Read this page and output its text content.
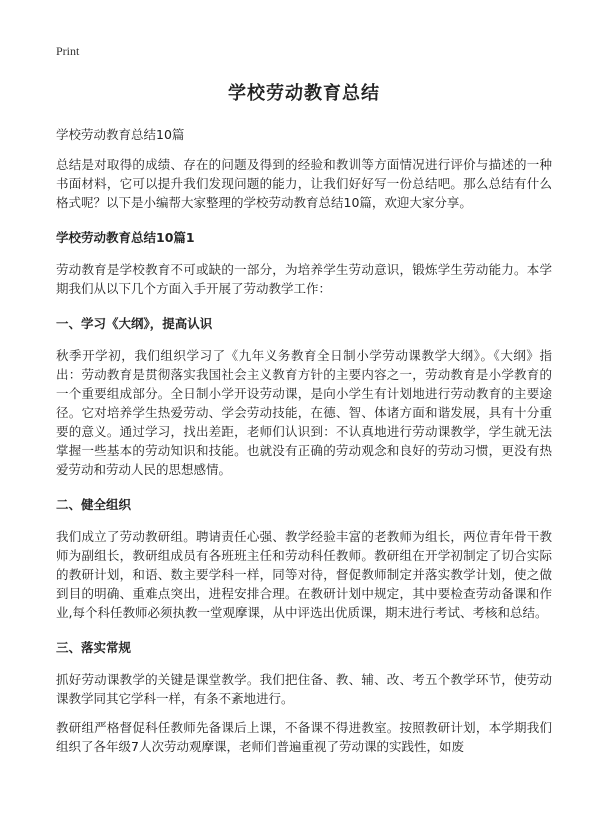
Print
学校劳动教育总结
学校劳动教育总结10篇

总结是对取得的成绩、存在的问题及得到的经验和教训等方面情况进行评价与描述的一种书面材料，它可以提升我们发现问题的能力，让我们好好写一份总结吧。那么总结有什么格式呢？以下是小编帮大家整理的学校劳动教育总结10篇，欢迎大家分享。

学校劳动教育总结10篇1

劳动教育是学校教育不可或缺的一部分，为培养学生劳动意识，锻炼学生劳动能力。本学期我们从以下几个方面入手开展了劳动教学工作：

一、学习《大纲》，提高认识

秋季开学初，我们组织学习了《九年义务教育全日制小学劳动课教学大纲》。《大纲》指出：劳动教育是贯彻落实我国社会主义教育方针的主要内容之一，劳动教育是小学教育的一个重要组成部分。全日制小学开设劳动课，是向小学生有计划地进行劳动教育的主要途径。它对培养学生热爱劳动、学会劳动技能，在德、智、体诸方面和谐发展，具有十分重要的意义。通过学习，找出差距，老师们认识到：不认真地进行劳动课教学，学生就无法掌握一些基本的劳动知识和技能。也就没有正确的劳动观念和良好的劳动习惯，更没有热爱劳动和劳动人民的思想感情。

二、健全组织

我们成立了劳动教研组。聘请责任心强、教学经验丰富的老教师为组长，两位青年骨干教师为副组长，教研组成员有各班班主任和劳动科任教师。教研组在开学初制定了切合实际的教研计划，和语、数主要学科一样，同等对待，督促教师制定并落实教学计划，使之做到目的明确、重难点突出，进程安排合理。在教研计划中规定，其中要检查劳动备课和作业,每个科任教师必须执教一堂观摩课，从中评选出优质课，期末进行考试、考核和总结。

三、落实常规

抓好劳动课教学的关键是课堂教学。我们把住备、教、辅、改、考五个教学环节，使劳动课教学同其它学科一样，有条不紊地进行。

教研组严格督促科任教师先备课后上课，不备课不得进教室。按照教研计划，本学期我们组织了各年级7人次劳动观摩课，老师们普遍重视了劳动课的实践性，如废
